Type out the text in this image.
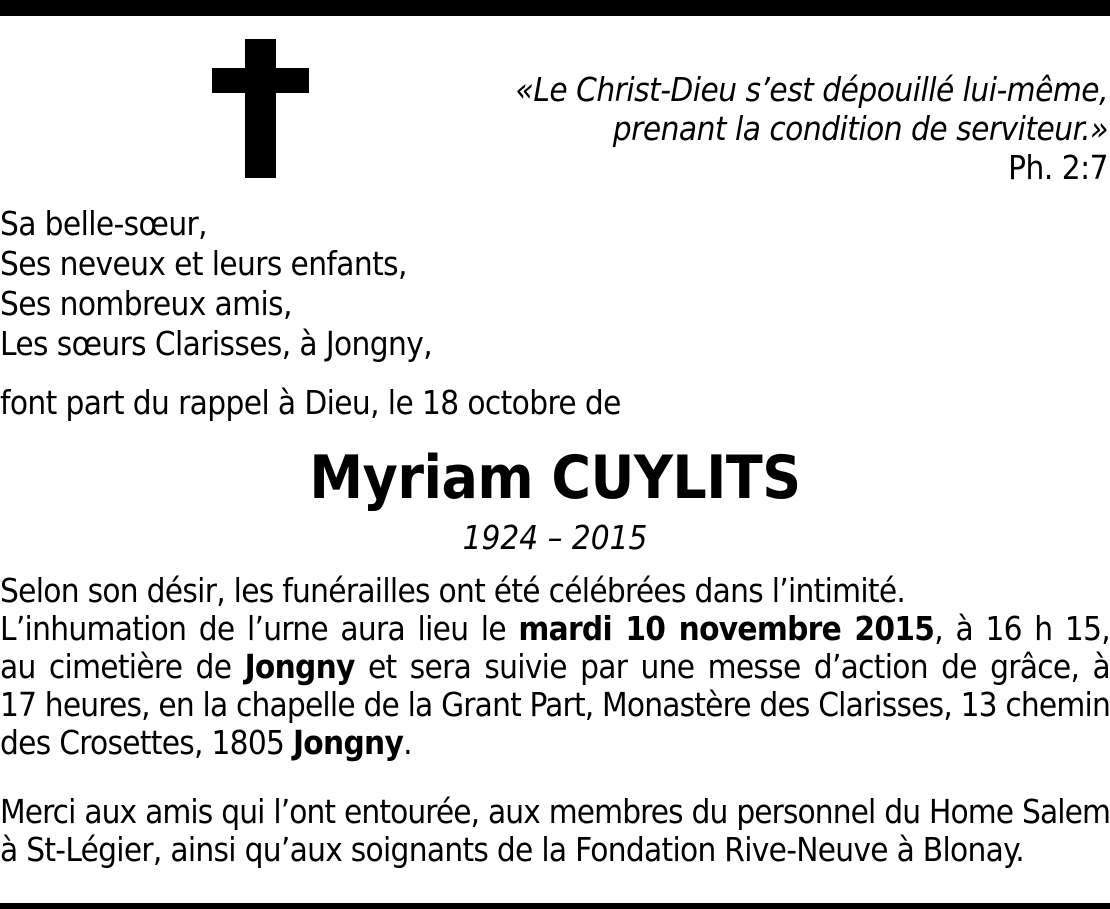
«Le Christ-Dieu s’est dépouillé lui-même,
prenant la condition de serviteur.»
Ph. 2:7
Sa belle-sœur,
Ses neveux et leurs enfants,
Ses nombreux amis,
Les sœurs Clarisses, à Jongny,
font part du rappel à Dieu, le 18 octobre de
Myriam CUYLITS
1924 – 2015
Selon son désir, les funérailles ont été célébrées dans l’intimité.
L’inhumation de l’urne aura lieu le mardi 10 novembre 2015, à 16 h 15,
au cimetière de Jongny et sera suivie par une messe d’action de grâce, à
17 heures, en la chapelle de la Grant Part, Monastère des Clarisses, 13 chemin
des Crosettes, 1805 Jongny.
Merci aux amis qui l’ont entourée, aux membres du personnel du Home Salem
à St-Légier, ainsi qu’aux soignants de la Fondation Rive-Neuve à Blonay.
